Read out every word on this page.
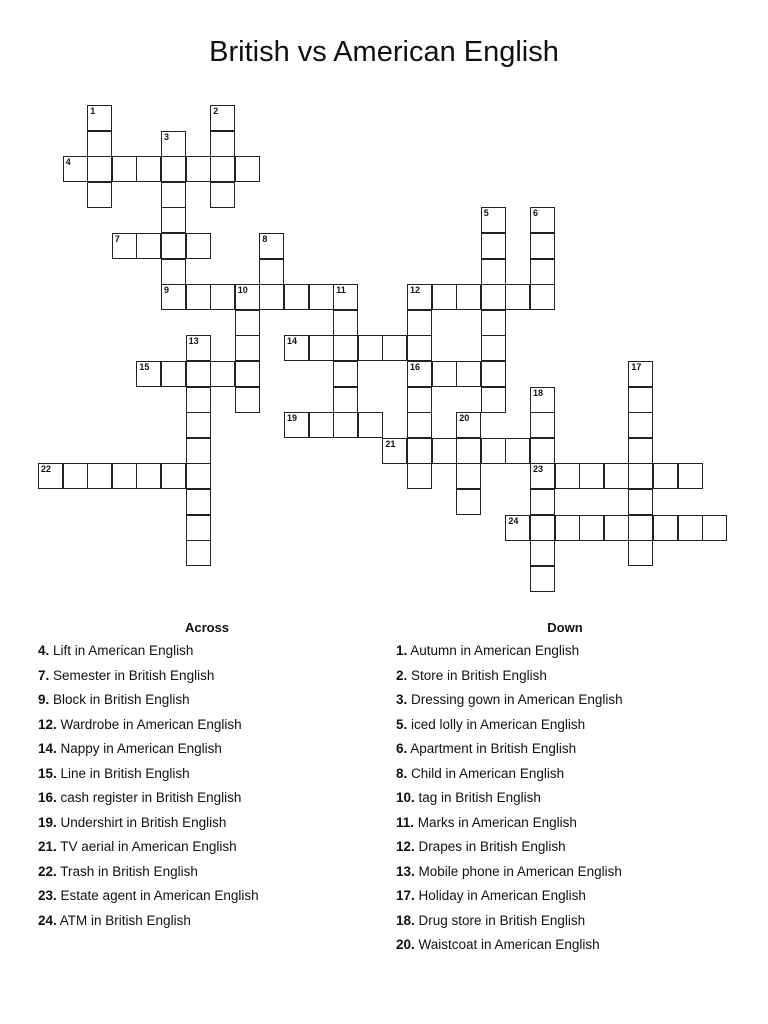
British vs American English
1	2
3
9
4
5	6
7	8
10	11	12
16
13	14
15	17
18
23
19	20
21
22
24
Across
4. Lift in American English
7. Semester in British English
9. Block in British English
12. Wardrobe in American English
14. Nappy in American English
15. Line in British English
16. cash register in British English
19. Undershirt in British English
21. TV aerial in American English
22. Trash in British English
23. Estate agent in American English
24. ATM in British English
Down
1. Autumn in American English
2. Store in British English
3. Dressing gown in American English
5. iced lolly in American English
6. Apartment in British English
8. Child in American English
10. tag in British English
11. Marks in American English
12. Drapes in British English
13. Mobile phone in American English
17. Holiday in American English
18. Drug store in British English
20. Waistcoat in American English
